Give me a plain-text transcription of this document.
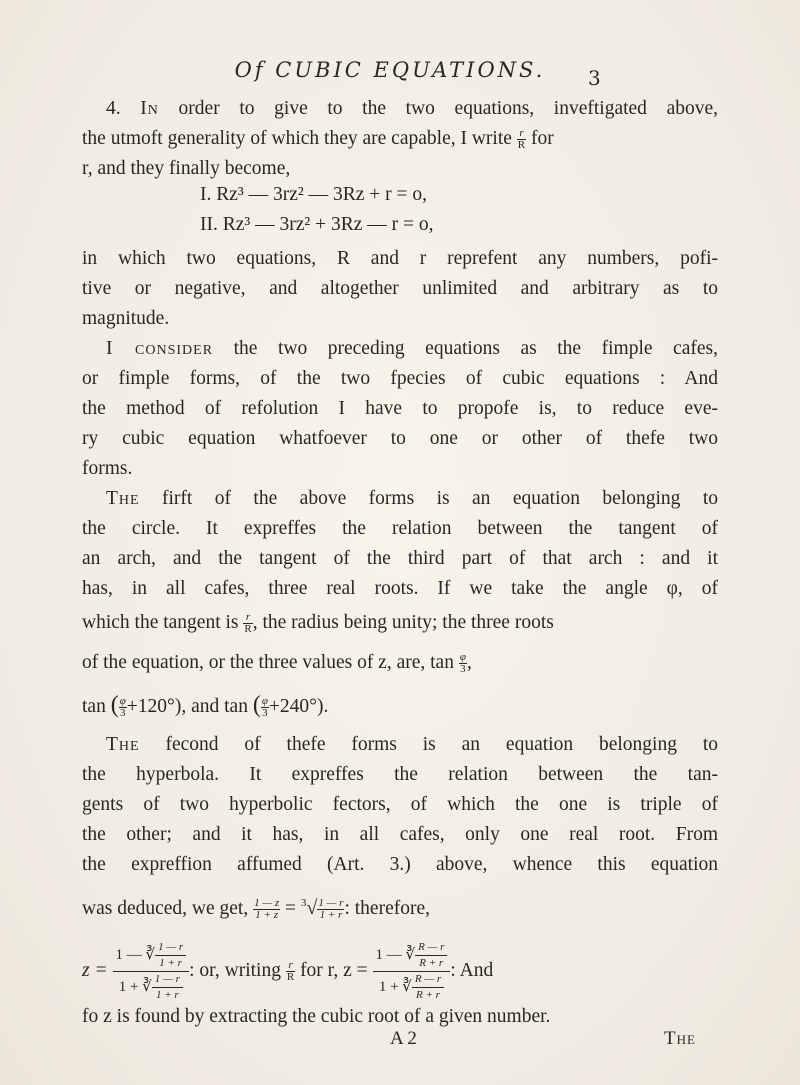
Of CUBIC EQUATIONS.	3
4. In order to give to the two equations, inveftigated above,
the utmoft generality of which they are capable, I write $\frac{r}{R}$ for
r, and they finally become,
I. Rz³ — 3rz² — 3Rz + r = o,
II. Rz³ — 3rz² + 3Rz — r = o,
in which two equations, R and r reprefent any numbers, pofi-
tive or negative, and altogether unlimited and arbitrary as to
magnitude.
I consider the two preceding equations as the fimple cafes,
or fimple forms, of the two fpecies of cubic equations : And
the method of refolution I have to propofe is, to reduce eve-
ry cubic equation whatfoever to one or other of thefe two
forms.
The firft of the above forms is an equation belonging to
the circle. It expreffes the relation between the tangent of
an arch, and the tangent of the third part of that arch : and it
has, in all cafes, three real roots. If we take the angle φ, of
which the tangent is $\frac{r}{R}$ , the radius being unity; the three roots
of the equation, or the three values of z, are, $\tan \frac{\varphi}{3}$ ,
tan ( $\frac{\varphi}{3} +120^\circ$), and tan ( $\frac{\varphi}{3} +240^\circ$).
The fecond of thefe forms is an equation belonging to
the hyperbola. It expreffes the relation between the tan-
gents of two hyperbolic fectors, of which the one is triple of
the other; and it has, in all cafes, only one real root. From
the expreffion affumed (Art. 3.) above, whence this equation
was deduced, we get, $\frac{1 — z}{1 + z} = ^3√ \frac{1 — r}{1 + r}$ : therefore,
$z = \frac{1 — ∛ \frac{1 — r}{1 + r}}{1 + ∛ \frac{1 — r}{1 + r}}$ : or, writing $\frac{r}{R}$ for r, $z = \frac{1 — ∛ \frac{R — r}{R + r}}{1 + ∛ \frac{R — r}{R + r}}$ : And
fo z is found by extracting the cubic root of a given number.
A 2	The
